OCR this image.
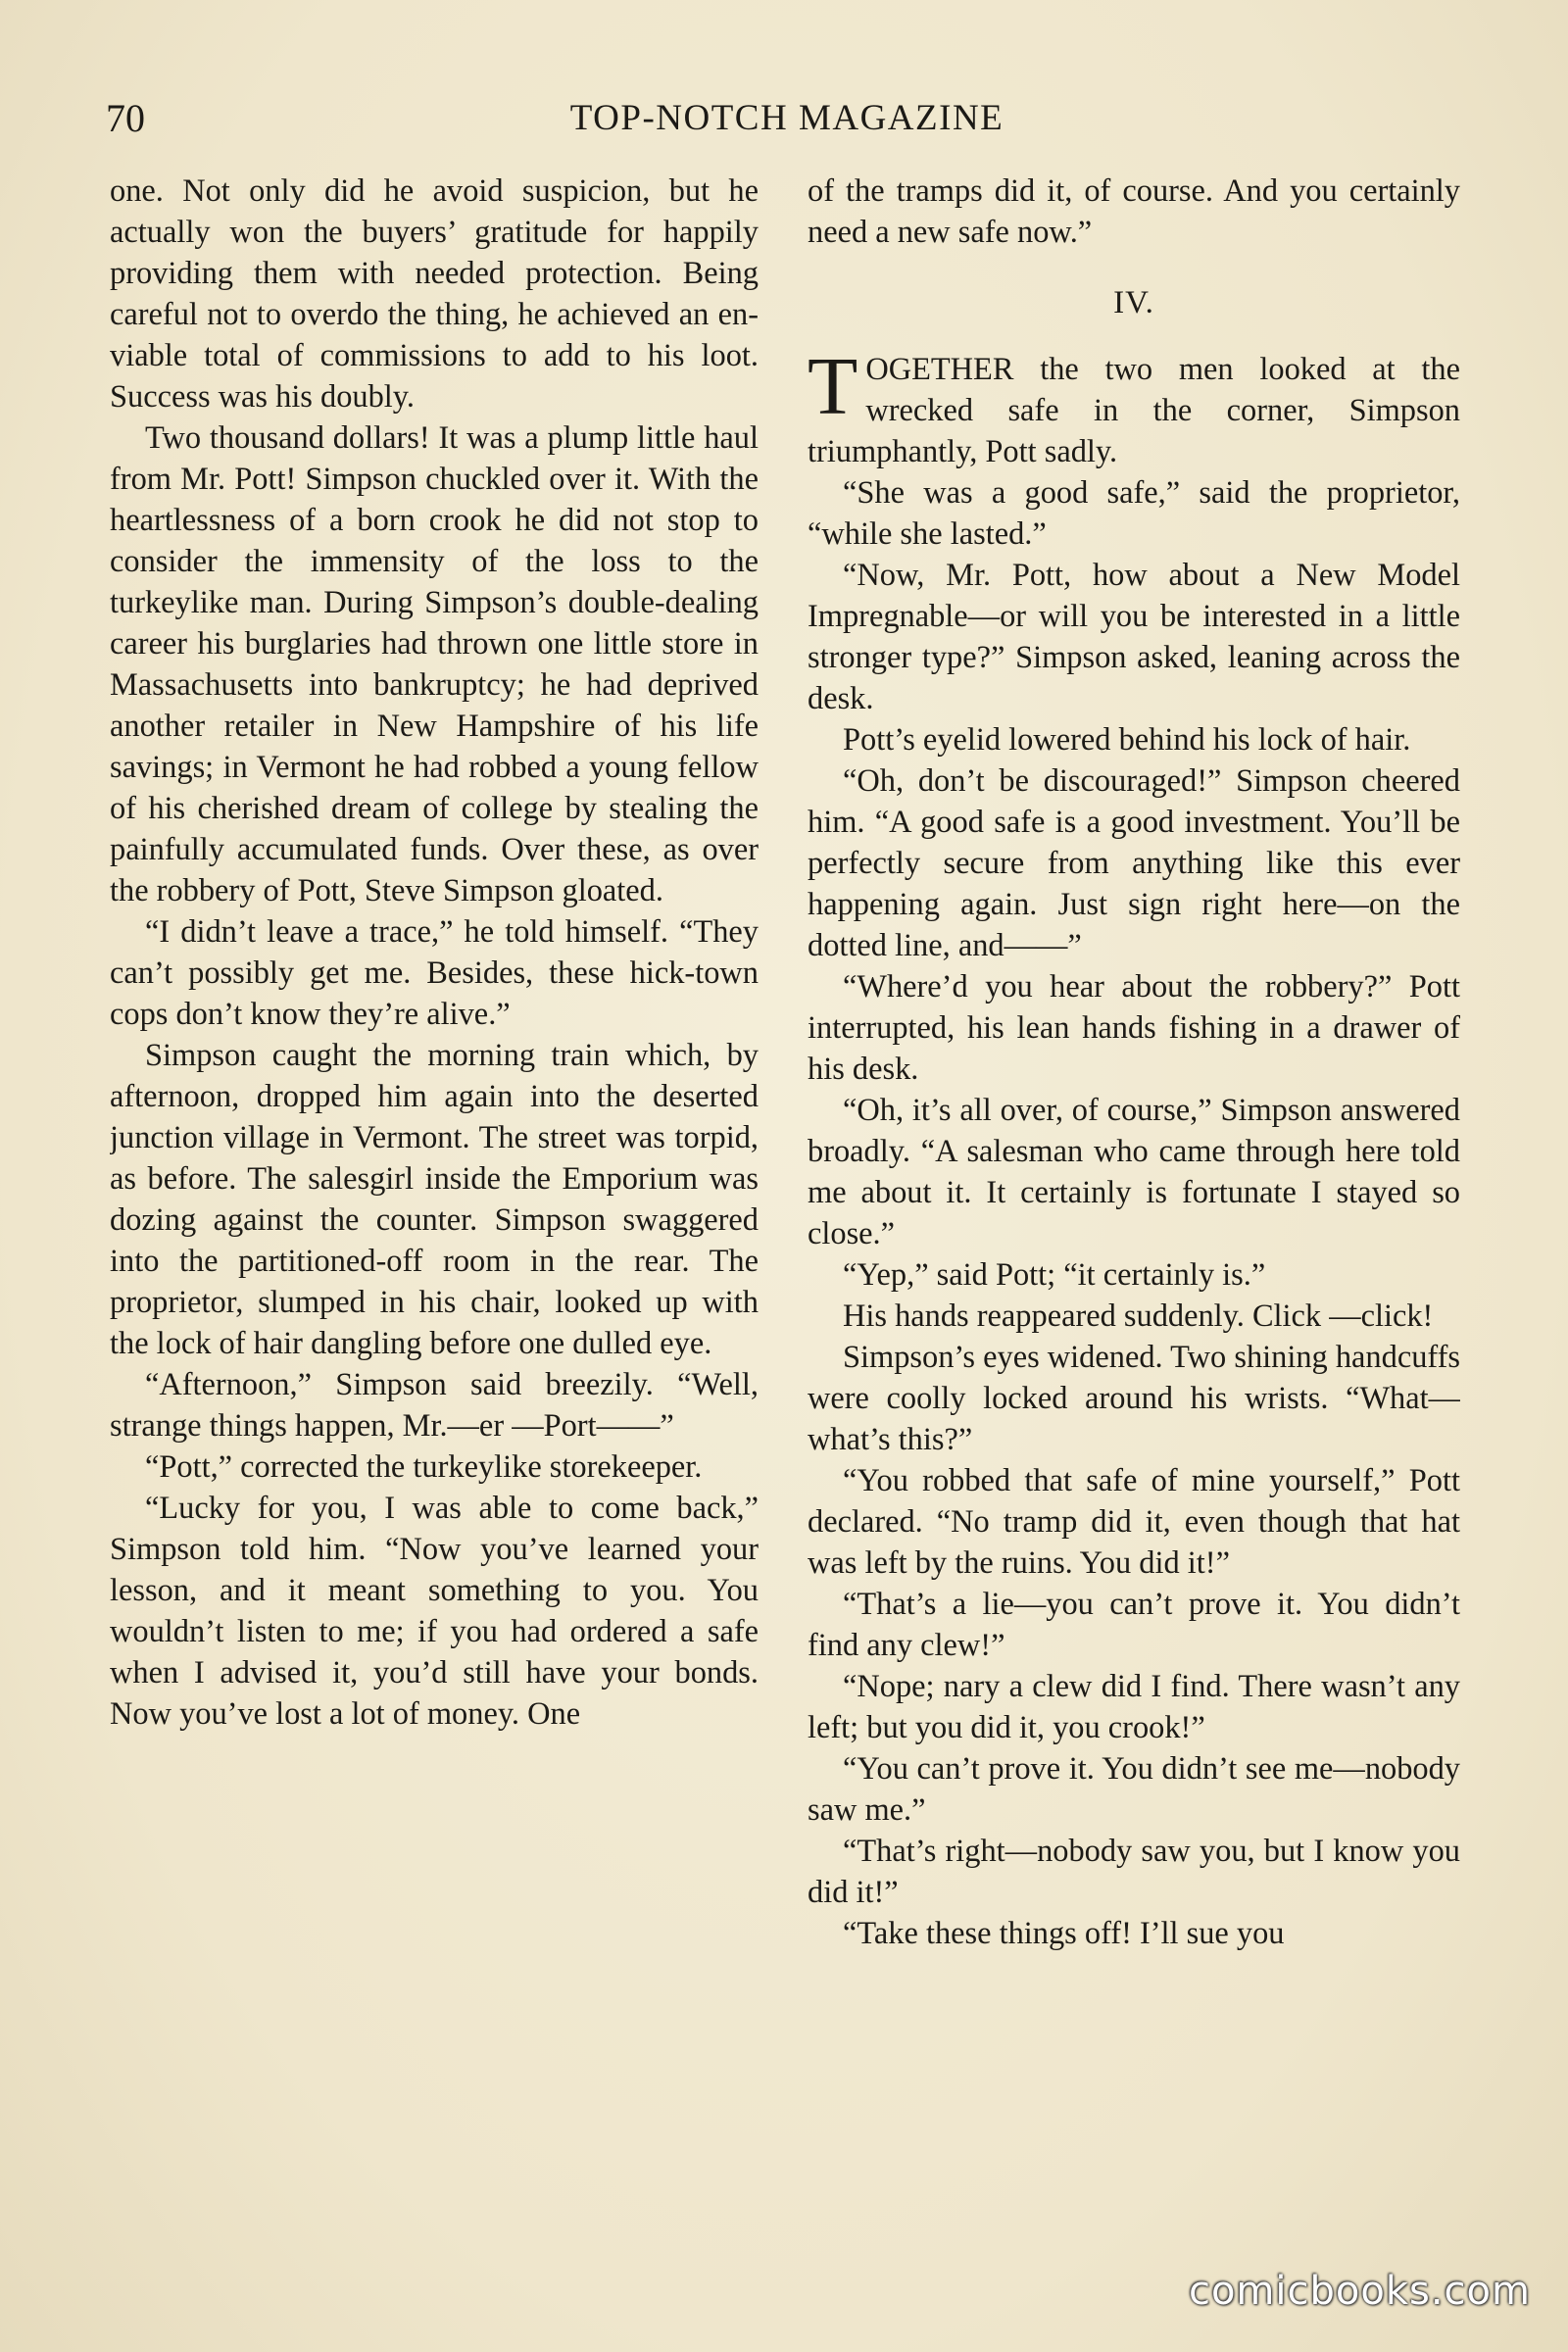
70	TOP-NOTCH MAGAZINE

one. Not only did he avoid suspicion, but he actually won the buyers’ gratitude for happily providing them with needed protection. Being careful not to overdo the thing, he achieved an enviable total of commissions to add to his loot. Success was his doubly.

Two thousand dollars! It was a plump little haul from Mr. Pott! Simpson chuckled over it. With the heartlessness of a born crook he did not stop to consider the immensity of the loss to the turkeylike man. During Simpson’s double-dealing career his burglaries had thrown one little store in Massachusetts into bankruptcy; he had deprived another retailer in New Hampshire of his life savings; in Vermont he had robbed a young fellow of his cherished dream of college by stealing the painfully accumulated funds. Over these, as over the robbery of Pott, Steve Simpson gloated.

“I didn’t leave a trace,” he told himself. “They can’t possibly get me. Besides, these hick-town cops don’t know they’re alive.”

Simpson caught the morning train which, by afternoon, dropped him again into the deserted junction village in Vermont. The street was torpid, as before. The salesgirl inside the Emporium was dozing against the counter. Simpson swaggered into the partitioned-off room in the rear. The proprietor, slumped in his chair, looked up with the lock of hair dangling before one dulled eye.

“Afternoon,” Simpson said breezily. “Well, strange things happen, Mr.—er —Port——”

“Pott,” corrected the turkeylike storekeeper.

“Lucky for you, I was able to come back,” Simpson told him. “Now you’ve learned your lesson, and it meant something to you. You wouldn’t listen to me; if you had ordered a safe when I advised it, you’d still have your bonds. Now you’ve lost a lot of money. One

of the tramps did it, of course. And you certainly need a new safe now.”

IV.

TOGETHER the two men looked at the wrecked safe in the corner, Simpson triumphantly, Pott sadly.

“She was a good safe,” said the proprietor, “while she lasted.”

“Now, Mr. Pott, how about a New Model Impregnable—or will you be interested in a little stronger type?” Simpson asked, leaning across the desk.

Pott’s eyelid lowered behind his lock of hair.

“Oh, don’t be discouraged!” Simpson cheered him. “A good safe is a good investment. You’ll be perfectly secure from anything like this ever happening again. Just sign right here—on the dotted line, and——”

“Where’d you hear about the robbery?” Pott interrupted, his lean hands fishing in a drawer of his desk.

“Oh, it’s all over, of course,” Simpson answered broadly. “A salesman who came through here told me about it. It certainly is fortunate I stayed so close.”

“Yep,” said Pott; “it certainly is.”

His hands reappeared suddenly. Click —click!

Simpson’s eyes widened. Two shining handcuffs were coolly locked around his wrists. “What—what’s this?”

“You robbed that safe of mine yourself,” Pott declared. “No tramp did it, even though that hat was left by the ruins. You did it!”

“That’s a lie—you can’t prove it. You didn’t find any clew!”

“Nope; nary a clew did I find. There wasn’t any left; but you did it, you crook!”

“You can’t prove it. You didn’t see me—nobody saw me.”

“That’s right—nobody saw you, but I know you did it!”

“Take these things off! I’ll sue you

comicbooks.com
